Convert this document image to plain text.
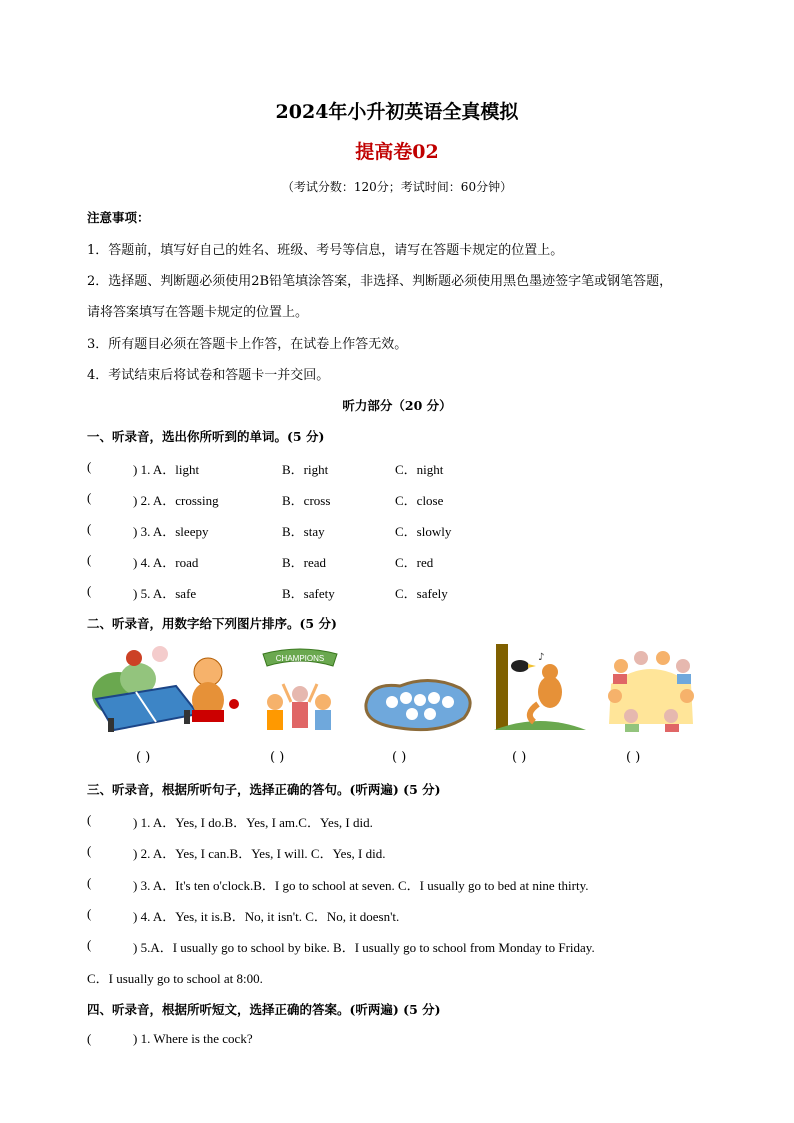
2024年小升初英语全真模拟
提高卷02
（考试分数：120分；考试时间：60分钟）
注意事项：
1．答题前，填写好自己的姓名、班级、考号等信息，请写在答题卡规定的位置上。
2．选择题、判断题必须使用2B铅笔填涂答案，非选择、判断题必须使用黑色墨迹签字笔或钢笔答题，
请将答案填写在答题卡规定的位置上。
3．所有题目必须在答题卡上作答，在试卷上作答无效。
4．考试结束后将试卷和答题卡一并交回。
听力部分（20 分）
一、听录音，选出你所听到的单词。(5 分)
(	) 1. A．light	B．right	C．night
(	) 2. A．crossing	B．cross	C．close
(	) 3. A．sleepy	B．stay	C．slowly
(	) 4. A．road	B．read	C．red
(	) 5. A．safe	B．safety	C．safely
二、听录音，用数字给下列图片排序。(5 分)
CHAMPIONS	♪
( )	( )	( )	( )	( )
三、听录音，根据所听句子，选择正确的答句。(听两遍) (5 分)
(	) 1. A．Yes, I do.B．Yes, I am.C．Yes, I did.
(	) 2. A．Yes, I can.B．Yes, I will. C．Yes, I did.
(	) 3. A．It's ten o'clock.B．I go to school at seven. C．I usually go to bed at nine thirty.
(	) 4. A．Yes, it is.B．No, it isn't. C．No, it doesn't.
(	) 5.A．I usually go to school by bike. B．I usually go to school from Monday to Friday.
C．I usually go to school at 8:00.
四、听录音，根据所听短文，选择正确的答案。(听两遍) (5 分)
(	) 1. Where is the cock?
